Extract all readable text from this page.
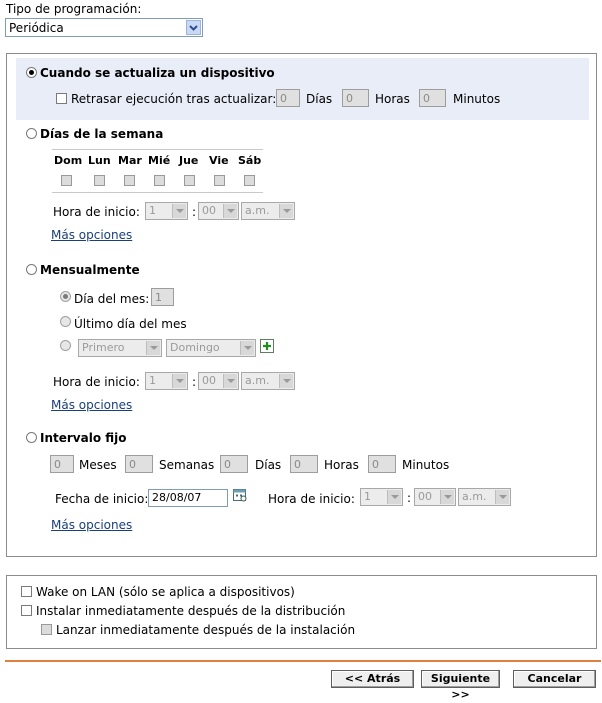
Tipo de programación:
Periódica
Cuando se actualiza un dispositivo
Retrasar ejecución tras actualizar: 0	Días	0	Horas	0	Minutos
Días de la semana
Dom Lun Mar Mié Jue Vie Sáb
Hora de inicio: 1	: 00	a.m.
Más opciones
Mensualmente
Día del mes: 1
Último día del mes
Primero	Domingo
Hora de inicio: 1	: 00	a.m.
Más opciones
Intervalo fijo
0	Meses	0	Semanas 0	Días	0	Horas	0	Minutos
Fecha de inicio: 28/08/07	Hora de inicio: 1	: 00	a.m.
Más opciones
Wake on LAN (sólo se aplica a dispositivos)
Instalar inmediatamente después de la distribución
Lanzar inmediatamente después de la instalación
<< Atrás	Siguiente >>
Cancelar
